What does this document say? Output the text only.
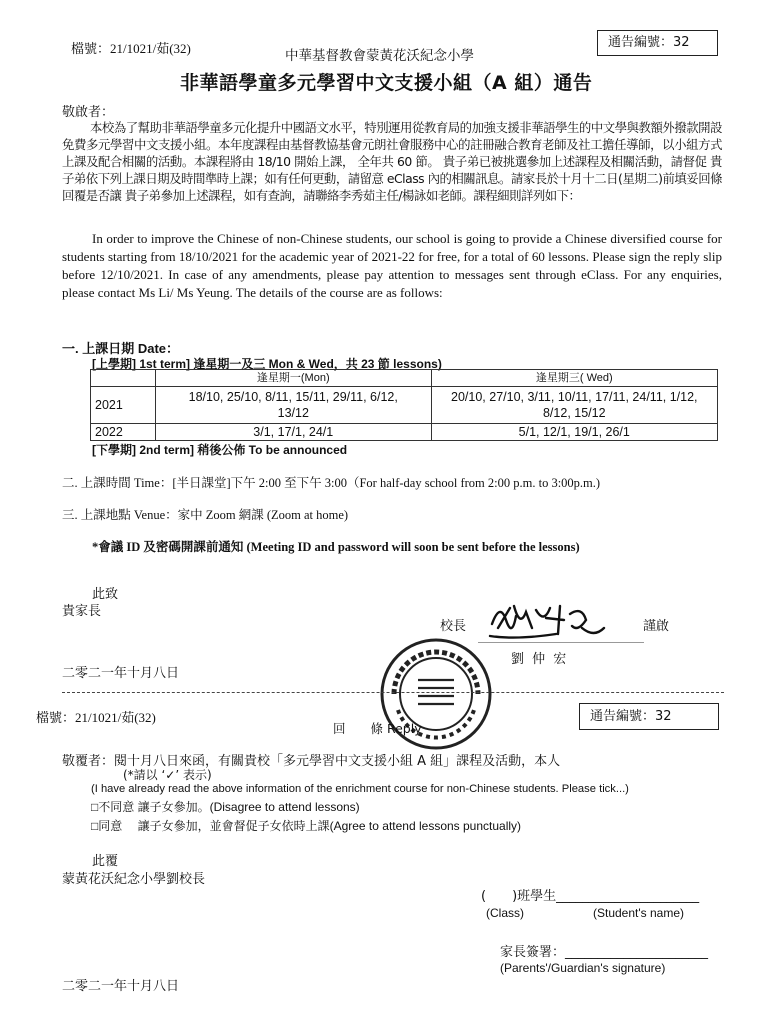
檔號：21/1021/茹(32)	中華基督教會蒙黃花沃紀念小學
通告編號：32
非華語學童多元學習中文支援小組（A 組）通告
敬啟者：

本校為了幫助非華語學童多元化提升中國語文水平，特別運用從教育局的加強支援非華語學生的中文學與教額外撥款開設免費多元學習中文支援小組。本年度課程由基督教協基會元朗社會服務中心的註冊融合教育老師及社工擔任導師，以小組方式上課及配合相關的活動。本課程將由 18/10 開始上課， 全年共 60 節。 貴子弟已被挑選參加上述課程及相關活動，請督促 貴子弟依下列上課日期及時間準時上課；如有任何更動，請留意 eClass 內的相關訊息。請家長於十月十二日(星期二)前填妥回條回覆是否讓 貴子弟參加上述課程，如有查詢，請聯絡李秀茹主任/楊詠如老師。課程細則詳列如下：

In order to improve the Chinese of non-Chinese students, our school is going to provide a Chinese diversified course for students starting from 18/10/2021 for the academic year of 2021-22 for free, for a total of 60 lessons. Please sign the reply slip before 12/10/2021. In case of any amendments, please pay attention to messages sent through eClass. For any enquiries, please contact Ms Li/ Ms Yeung. The details of the course are as follows:

一. 上課日期 Date：
[上學期] 1st term] 逢星期一及三 Mon & Wed，共 23 節 lessons)
	逢星期一(Mon)	逢星期三( Wed)
2021	18/10, 25/10, 8/11, 15/11, 29/11, 6/12, 13/12	20/10, 27/10, 3/11, 10/11, 17/11, 24/11, 1/12, 8/12, 15/12
2022	3/1, 17/1, 24/1	5/1, 12/1, 19/1, 26/1
[下學期] 2nd term] 稍後公佈 To be announced
二. 上課時間 Time：[半日課堂]下午 2:00 至下午 3:00（For half-day school from 2:00 p.m. to 3:00p.m.)
三. 上課地點 Venue：家中 Zoom 網課 (Zoom at home)
*會議 ID 及密碼開課前通知 (Meeting ID and password will soon be sent before the lessons)
此致
貴家長
校長
劉 仲 宏
謹啟
二零二一年十月八日
檔號：21/1021/茹(32)
回　　條 Reply
通告編號：32
敬覆者：閱十月八日來函，有關貴校「多元學習中文支援小組 A 組」課程及活動，本人
(*請以 ‘✓’ 表示)
(I have already read the above information of the enrichment course for non-Chinese students. Please tick...)
□不同意 讓子女參加。(Disagree to attend lessons)
□同意　 讓子女參加，並會督促子女依時上課(Agree to attend lessons punctually)
此覆
蒙黃花沃紀念小學劉校長
(　　)班學生______________________
(Class)	(Student's name)
家長簽署：______________________
(Parents'/Guardian's signature)
二零二一年十月八日
